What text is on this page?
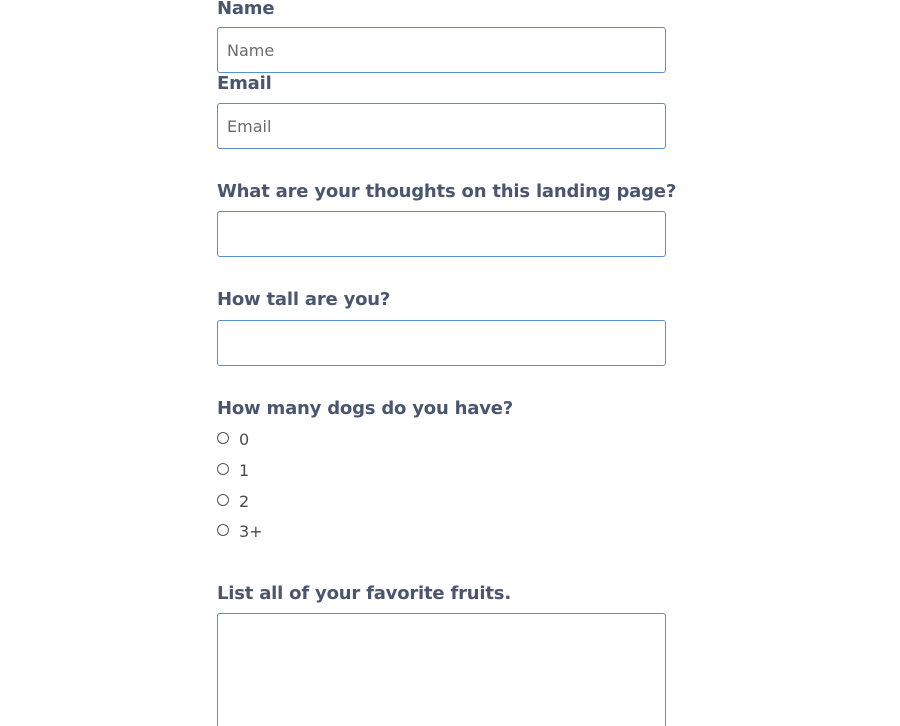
Name
Name
Email
Email
What are your thoughts on this landing page?
How tall are you?
How many dogs do you have?
0
1
2
3+
List all of your favorite fruits.
